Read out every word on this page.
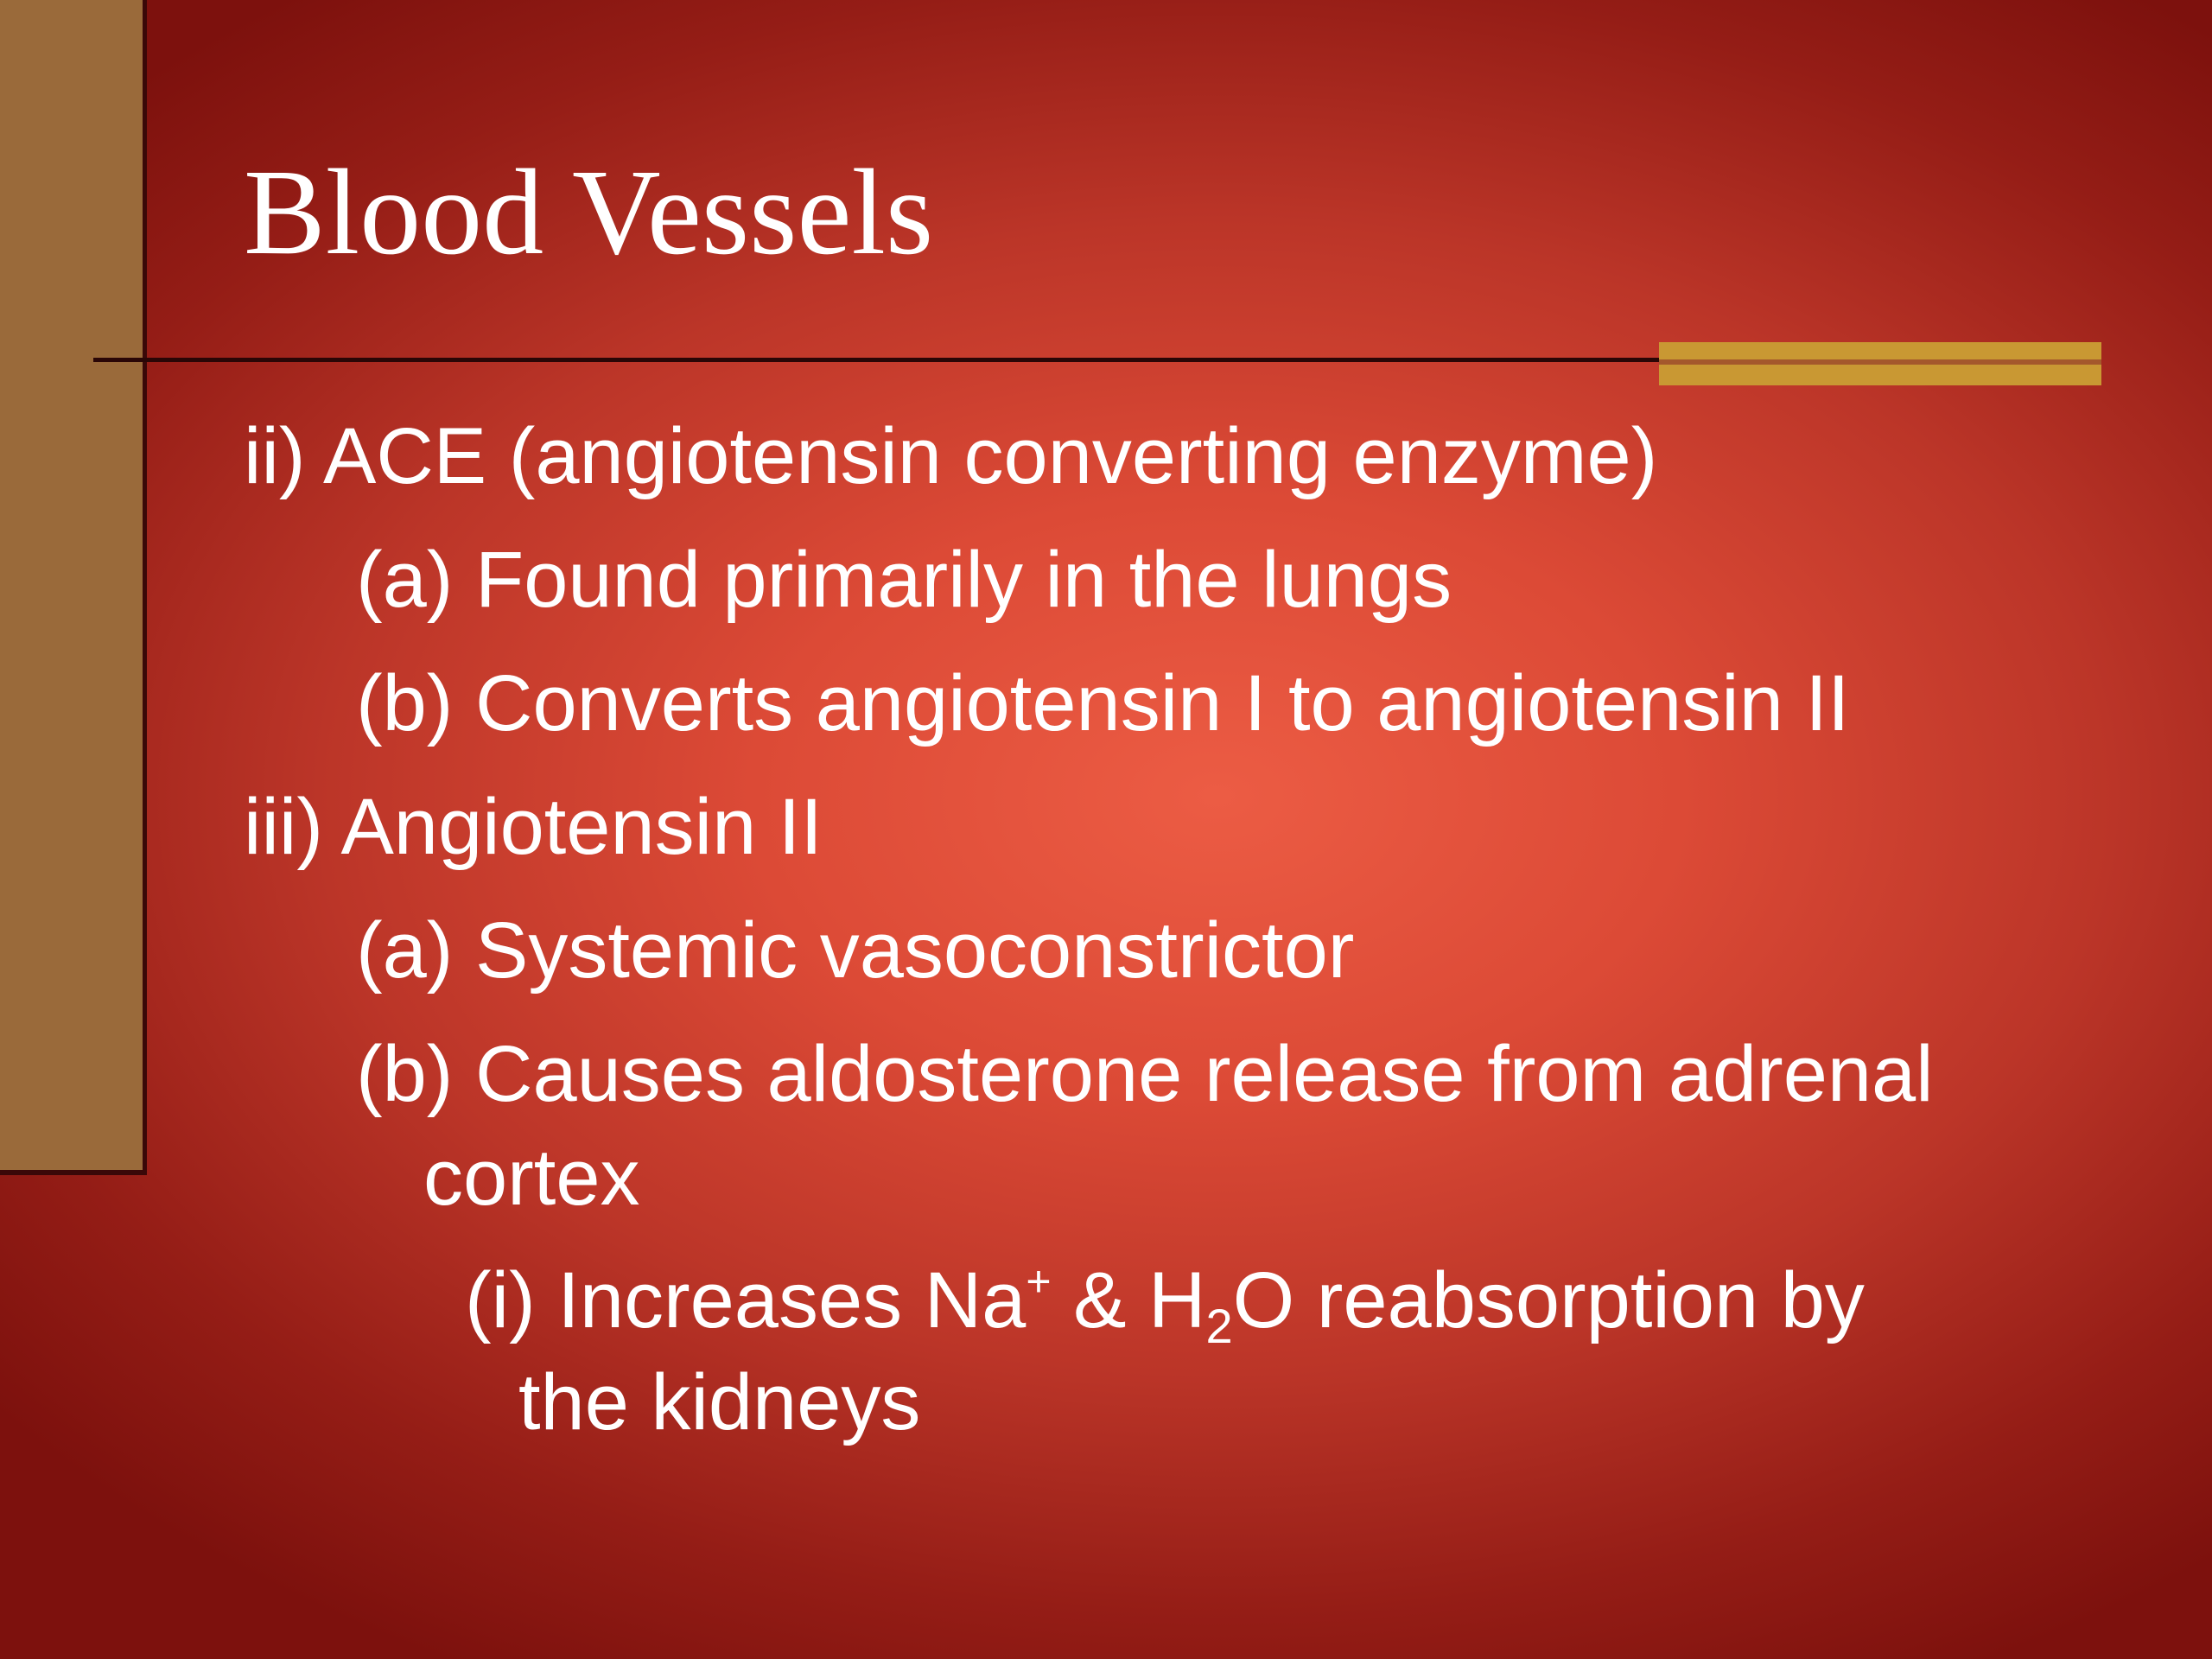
Blood Vessels
ii) ACE (angiotensin converting enzyme)
(a) Found primarily in the lungs
(b) Converts angiotensin I to angiotensin II
iii) Angiotensin II
(a) Systemic vasoconstrictor
(b) Causes aldosterone release from adrenal
cortex
(i) Increases Na+ & $H_2O$ reabsorption by
the kidneys
